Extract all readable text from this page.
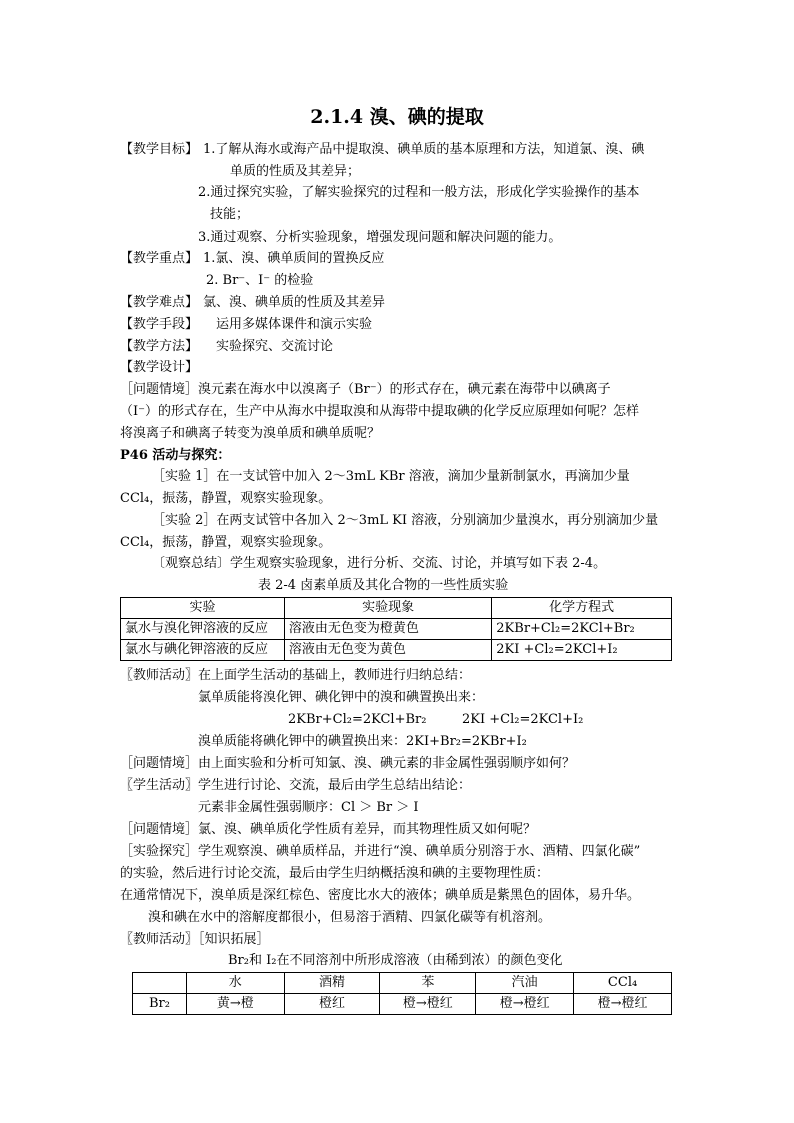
2.1.4 溴、碘的提取
【教学目标】 1.了解从海水或海产品中提取溴、碘单质的基本原理和方法，知道氯、溴、碘
单质的性质及其差异；
2.通过探究实验，了解实验探究的过程和一般方法，形成化学实验操作的基本
技能；
3.通过观察、分析实验现象，增强发现问题和解决问题的能力。
【教学重点】 1.氯、溴、碘单质间的置换反应
2. Br⁻、I⁻ 的检验
【教学难点】 氯、溴、碘单质的性质及其差异
【教学手段】 运用多媒体课件和演示实验
【教学方法】 实验探究、交流讨论
【教学设计】
［问题情境］溴元素在海水中以溴离子（Br⁻）的形式存在，碘元素在海带中以碘离子
（I⁻）的形式存在，生产中从海水中提取溴和从海带中提取碘的化学反应原理如何呢？怎样
将溴离子和碘离子转变为溴单质和碘单质呢？
P46 活动与探究：
［实验 1］在一支试管中加入 2～3mL KBr 溶液，滴加少量新制氯水，再滴加少量
CCl₄，振荡，静置，观察实验现象。
［实验 2］在两支试管中各加入 2～3mL KI 溶液，分别滴加少量溴水，再分别滴加少量
CCl₄，振荡，静置，观察实验现象。
〔观察总结〕学生观察实验现象，进行分析、交流、讨论，并填写如下表 2-4。
表 2-4 卤素单质及其化合物的一些性质实验
实验	实验现象	化学方程式
氯水与溴化钾溶液的反应	溶液由无色变为橙黄色	2KBr+Cl₂=2KCl+Br₂
氯水与碘化钾溶液的反应	溶液由无色变为黄色	2KI +Cl₂=2KCl+I₂
〖教师活动〗在上面学生活动的基础上，教师进行归纳总结：
氯单质能将溴化钾、碘化钾中的溴和碘置换出来：
2KBr+Cl₂=2KCl+Br₂	2KI +Cl₂=2KCl+I₂
溴单质能将碘化钾中的碘置换出来：2KI+Br₂=2KBr+I₂
［问题情境］由上面实验和分析可知氯、溴、碘元素的非金属性强弱顺序如何？
〖学生活动〗学生进行讨论、交流，最后由学生总结出结论：
元素非金属性强弱顺序：Cl ＞ Br ＞ I
［问题情境］氯、溴、碘单质化学性质有差异，而其物理性质又如何呢？
［实验探究］学生观察溴、碘单质样品，并进行“溴、碘单质分别溶于水、酒精、四氯化碳”
的实验，然后进行讨论交流，最后由学生归纳概括溴和碘的主要物理性质：
在通常情况下，溴单质是深红棕色、密度比水大的液体；碘单质是紫黑色的固体，易升华。
溴和碘在水中的溶解度都很小，但易溶于酒精、四氯化碳等有机溶剂。
〖教师活动〗［知识拓展］
Br₂和 I₂在不同溶剂中所形成溶液（由稀到浓）的颜色变化
	水	酒精	苯	汽油	CCl₄
Br₂	黄→橙	橙红	橙→橙红	橙→橙红	橙→橙红
